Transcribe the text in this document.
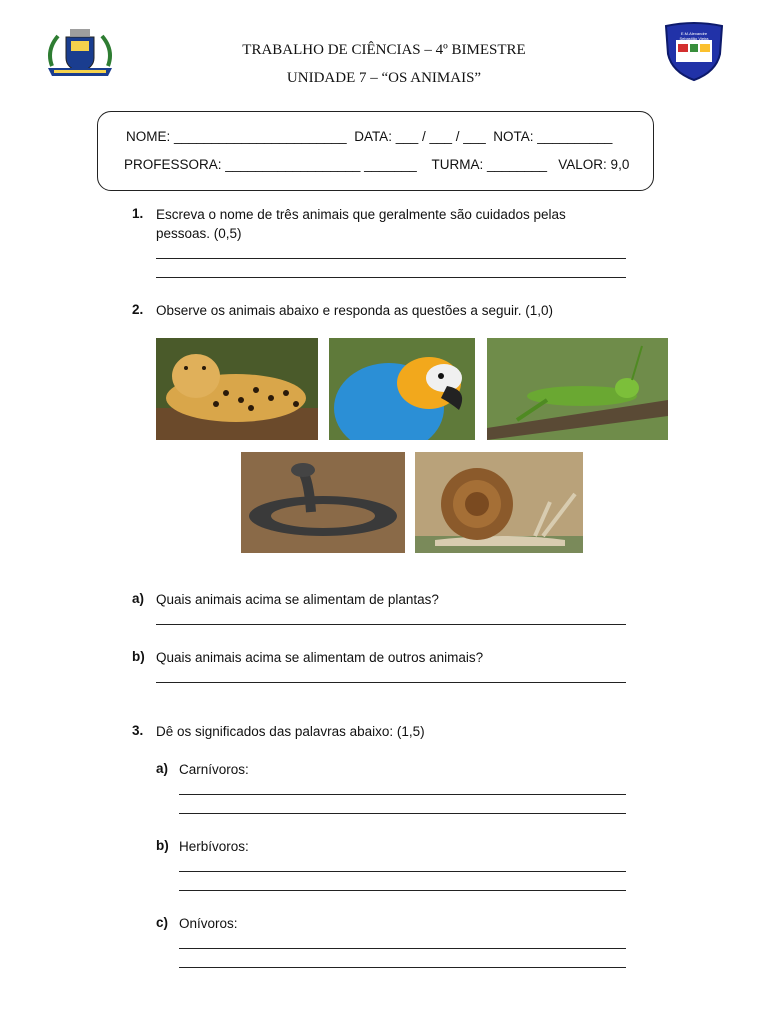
E.M.Alexandre Sebastião Vieira
TRABALHO DE CIÊNCIAS – 4º BIMESTRE
UNIDADE 7 – “OS ANIMAIS”
NOME: _______________________  DATA: ___ / ___ / ___  NOTA: __________
PROFESSORA: __________________ _______    TURMA: ________   VALOR: 9,0
1. Escreva o nome de três animais que geralmente são cuidados pelas pessoas. (0,5)
2. Observe os animais abaixo e responda as questões a seguir. (1,0)
a) Quais animais acima se alimentam de plantas?
b) Quais animais acima se alimentam de outros animais?
3. Dê os significados das palavras abaixo: (1,5)
a) Carnívoros:
b) Herbívoros:
c) Onívoros:
